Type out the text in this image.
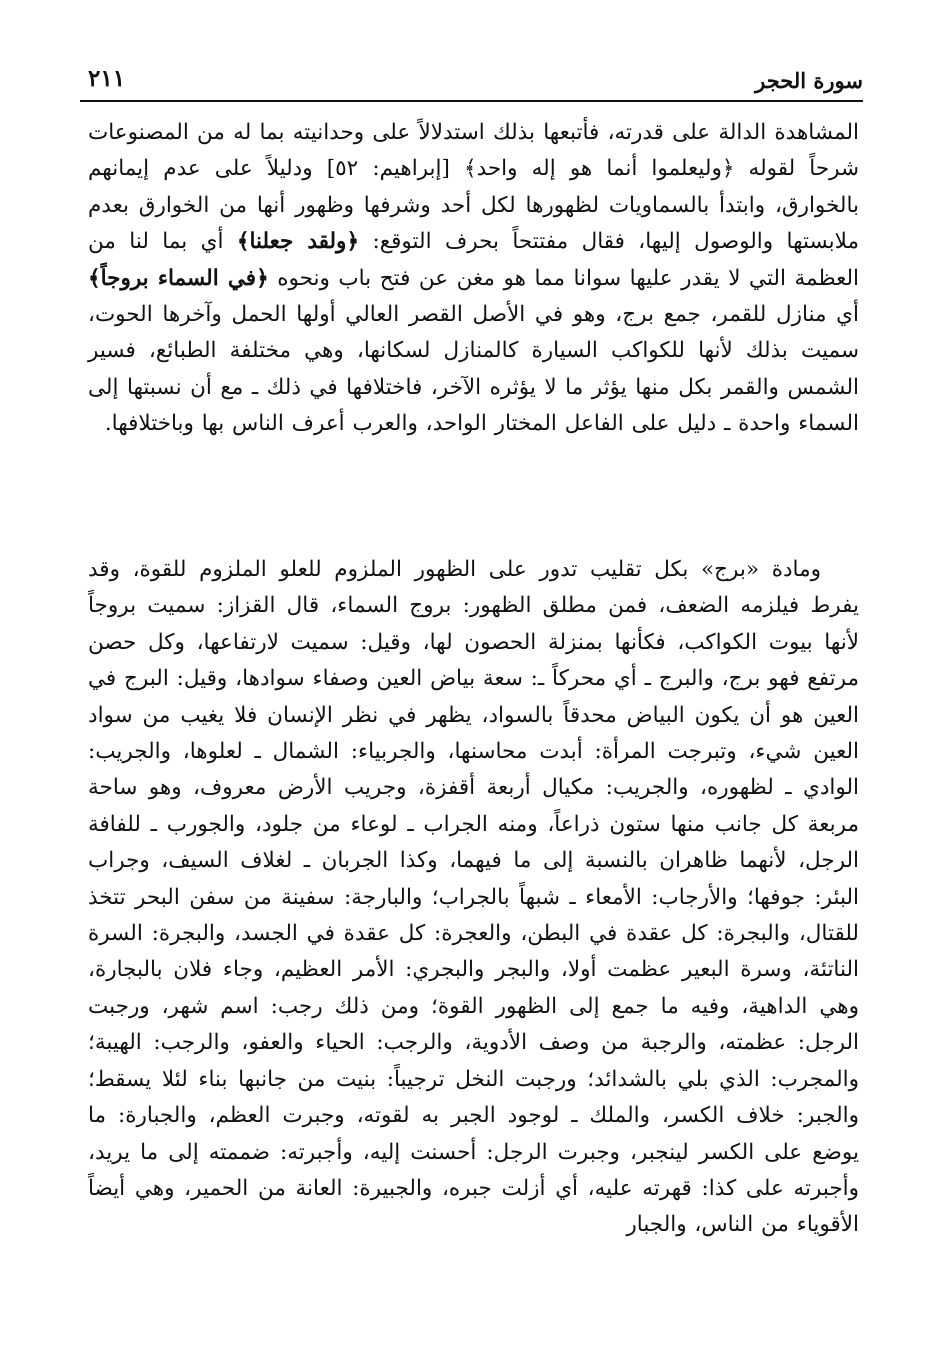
سورة الحجر
٢١١
المشاهدة الدالة على قدرته، فأتبعها بذلك استدلالاً على وحدانيته بما له من المصنوعات شرحاً لقوله ﴿وليعلموا أنما هو إله واحد﴾ [إبراهيم: ٥٢] ودليلاً على عدم إيمانهم بالخوارق، وابتدأ بالسماويات لظهورها لكل أحد وشرفها وظهور أنها من الخوارق بعدم ملابستها والوصول إليها، فقال مفتتحاً بحرف التوقع: ﴿ولقد جعلنا﴾ أي بما لنا من العظمة التي لا يقدر عليها سوانا مما هو مغن عن فتح باب ونحوه ﴿في السماء بروجاً﴾ أي منازل للقمر، جمع برج، وهو في الأصل القصر العالي أولها الحمل وآخرها الحوت، سميت بذلك لأنها للكواكب السيارة كالمنازل لسكانها، وهي مختلفة الطبائع، فسير الشمس والقمر بكل منها يؤثر ما لا يؤثره الآخر، فاختلافها في ذلك ـ مع أن نسبتها إلى السماء واحدة ـ دليل على الفاعل المختار الواحد، والعرب أعرف الناس بها وباختلافها.
ومادة «برج» بكل تقليب تدور على الظهور الملزوم للعلو الملزوم للقوة، وقد يفرط فيلزمه الضعف، فمن مطلق الظهور: بروج السماء، قال القزاز: سميت بروجاً لأنها بيوت الكواكب، فكأنها بمنزلة الحصون لها، وقيل: سميت لارتفاعها، وكل حصن مرتفع فهو برج، والبرج ـ أي محركاً ـ: سعة بياض العين وصفاء سوادها، وقيل: البرج في العين هو أن يكون البياض محدقاً بالسواد، يظهر في نظر الإنسان فلا يغيب من سواد العين شيء، وتبرجت المرأة: أبدت محاسنها، والجربياء: الشمال ـ لعلوها، والجريب: الوادي ـ لظهوره، والجريب: مكيال أربعة أقفزة، وجريب الأرض معروف، وهو ساحة مربعة كل جانب منها ستون ذراعاً، ومنه الجراب ـ لوعاء من جلود، والجورب ـ للفافة الرجل، لأنهما ظاهران بالنسبة إلى ما فيهما، وكذا الجربان ـ لغلاف السيف، وجراب البئر: جوفها؛ والأرجاب: الأمعاء ـ شبهاً بالجراب؛ والبارجة: سفينة من سفن البحر تتخذ للقتال، والبجرة: كل عقدة في البطن، والعجرة: كل عقدة في الجسد، والبجرة: السرة الناتئة، وسرة البعير عظمت أولا، والبجر والبجري: الأمر العظيم، وجاء فلان بالبجارة، وهي الداهية، وفيه ما جمع إلى الظهور القوة؛ ومن ذلك رجب: اسم شهر، ورجبت الرجل: عظمته، والرجبة من وصف الأدوية، والرجب: الحياء والعفو، والرجب: الهيبة؛ والمجرب: الذي بلي بالشدائد؛ ورجبت النخل ترجيباً: بنيت من جانبها بناء لئلا يسقط؛ والجبر: خلاف الكسر، والملك ـ لوجود الجبر به لقوته، وجبرت العظم، والجبارة: ما يوضع على الكسر لينجبر، وجبرت الرجل: أحسنت إليه، وأجبرته: ضممته إلى ما يريد، وأجبرته على كذا: قهرته عليه، أي أزلت جبره، والجبيرة: العانة من الحمير، وهي أيضاً الأقوياء من الناس، والجبار
